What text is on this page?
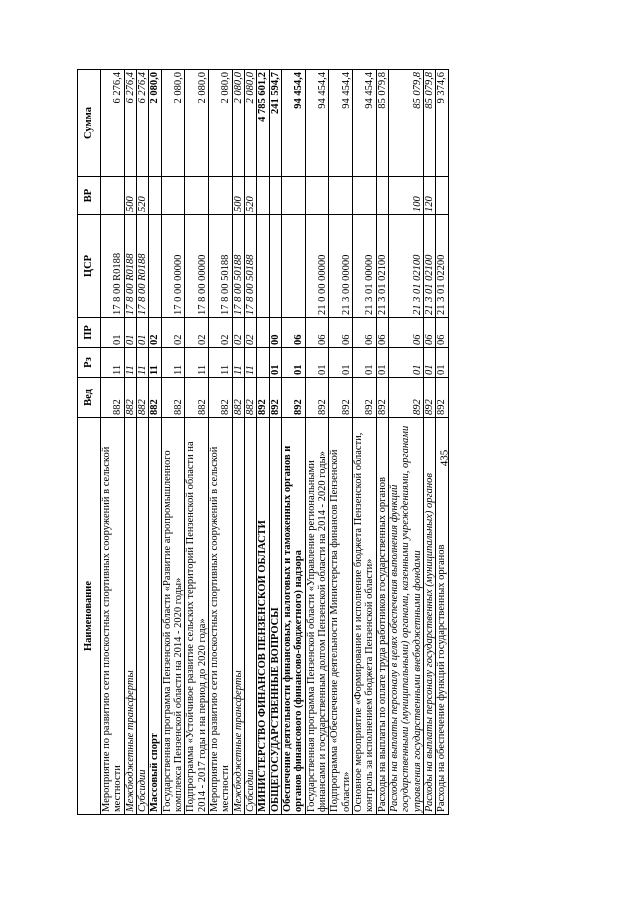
435
Наименование	Вед	Рз	ПР	ЦСР	ВР	Сумма
Мероприятие по развитию сети плоскостных спортивных сооружений в сельской местности	882	11	01	17 8 00 R0188		6 276,4
Межбюджетные трансферты	882	11	01	17 8 00 R0188	500	6 276,4
Субсидии	882	11	01	17 8 00 R0188	520	6 276,4
Массовый спорт	882	11	02			2 080,0
Государственная программа Пензенской области «Развитие агропромышленного комплекса Пензенской области на 2014 - 2020 годы»	882	11	02	17 0 00 00000		2 080,0
Подпрограмма «Устойчивое развитие сельских территорий Пензенской области на 2014 - 2017 годы и на период до 2020 года»	882	11	02	17 8 00 00000		2 080,0
Мероприятие по развитию сети плоскостных спортивных сооружений в сельской местности	882	11	02	17 8 00 50188		2 080,0
Межбюджетные трансферты	882	11	02	17 8 00 50188	500	2 080,0
Субсидии	882	11	02	17 8 00 50188	520	2 080,0
МИНИСТЕРСТВО ФИНАНСОВ ПЕНЗЕНСКОЙ ОБЛАСТИ	892					4 785 601,2
ОБЩЕГОСУДАРСТВЕННЫЕ ВОПРОСЫ	892	01	00			241 594,7
Обеспечение деятельности финансовых, налоговых и таможенных органов и органов финансового (финансово-бюджетного) надзора	892	01	06			94 454,4
Государственная программа Пензенской области «Управление региональными финансами и государственным долгом Пензенской области на 2014 - 2020 годы»	892	01	06	21 0 00 00000		94 454,4
Подпрограмма «Обеспечение деятельности Министерства финансов Пензенской области»	892	01	06	21 3 00 00000		94 454,4
Основное мероприятие «Формирование и исполнение бюджета Пензенской области, контроль за исполнением бюджета Пензенской области»	892	01	06	21 3 01 00000		94 454,4
Расходы на выплаты по оплате труда работников государственных органов	892	01	06	21 3 01 02100		85 079,8
Расходы на выплаты персоналу в целях обеспечения выполнения функций государственными (муниципальными) органами, казенными учреждениями, органами управления государственными внебюджетными фондами	892	01	06	21 3 01 02100	100	85 079,8
Расходы на выплаты персоналу государственных (муниципальных) органов	892	01	06	21 3 01 02100	120	85 079,8
Расходы на обеспечение функций государственных органов	892	01	06	21 3 01 02200		9 374,6
